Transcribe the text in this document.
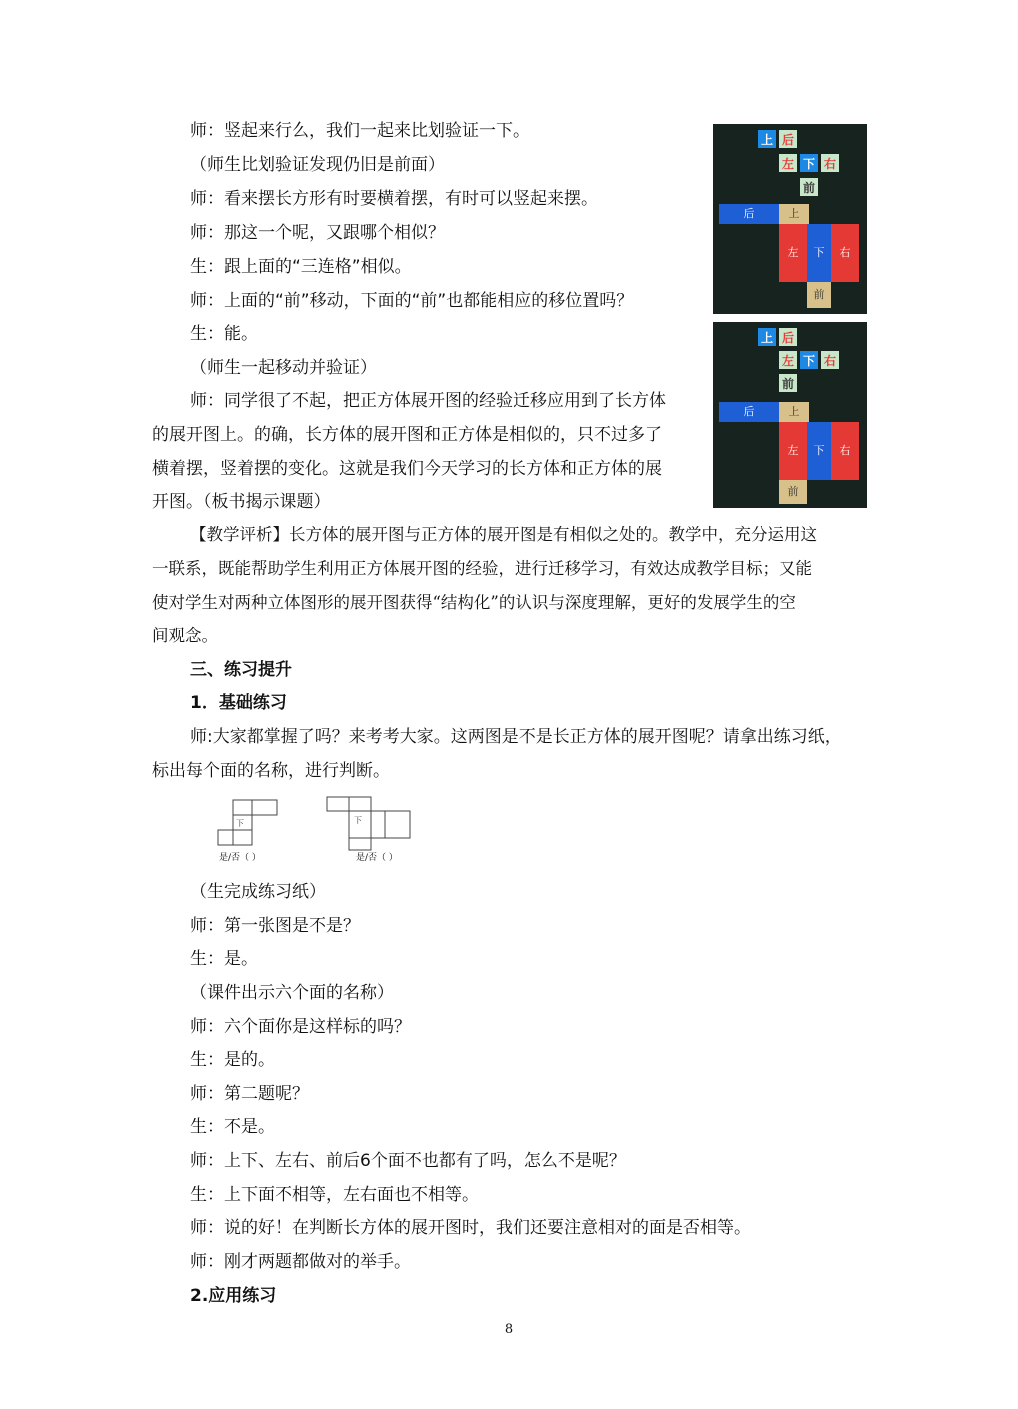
师：竖起来行么，我们一起来比划验证一下。
（师生比划验证发现仍旧是前面）
师：看来摆长方形有时要横着摆，有时可以竖起来摆。
师：那这一个呢，又跟哪个相似？
生：跟上面的“三连格”相似。
师：上面的“前”移动，下面的“前”也都能相应的移位置吗？
生：能。
（师生一起移动并验证）
师：同学很了不起，把正方体展开图的经验迁移应用到了长方体
的展开图上。的确，长方体的展开图和正方体是相似的，只不过多了
横着摆，竖着摆的变化。这就是我们今天学习的长方体和正方体的展
开图。（板书揭示课题）
上 后
左 下 右
前
后	上
左	下	右
前
上 后
左 下 右
前
后	上
左	下	右
前
【教学评析】长方体的展开图与正方体的展开图是有相似之处的。教学中，充分运用这
一联系，既能帮助学生利用正方体展开图的经验，进行迁移学习，有效达成教学目标；又能
使对学生对两种立体图形的展开图获得“结构化”的认识与深度理解，更好的发展学生的空
间观念。
三、练习提升
1．基础练习
师:大家都掌握了吗？来考考大家。这两图是不是长正方体的展开图呢？请拿出练习纸，
标出每个面的名称，进行判断。
下
是/否（ ）
下
是/否（ ）
（生完成练习纸）
师：第一张图是不是？
生：是。
（课件出示六个面的名称）
师：六个面你是这样标的吗？
生：是的。
师：第二题呢？
生：不是。
师：上下、左右、前后6个面不也都有了吗，怎么不是呢？
生：上下面不相等，左右面也不相等。
师：说的好！在判断长方体的展开图时，我们还要注意相对的面是否相等。
师：刚才两题都做对的举手。
2.应用练习
8
